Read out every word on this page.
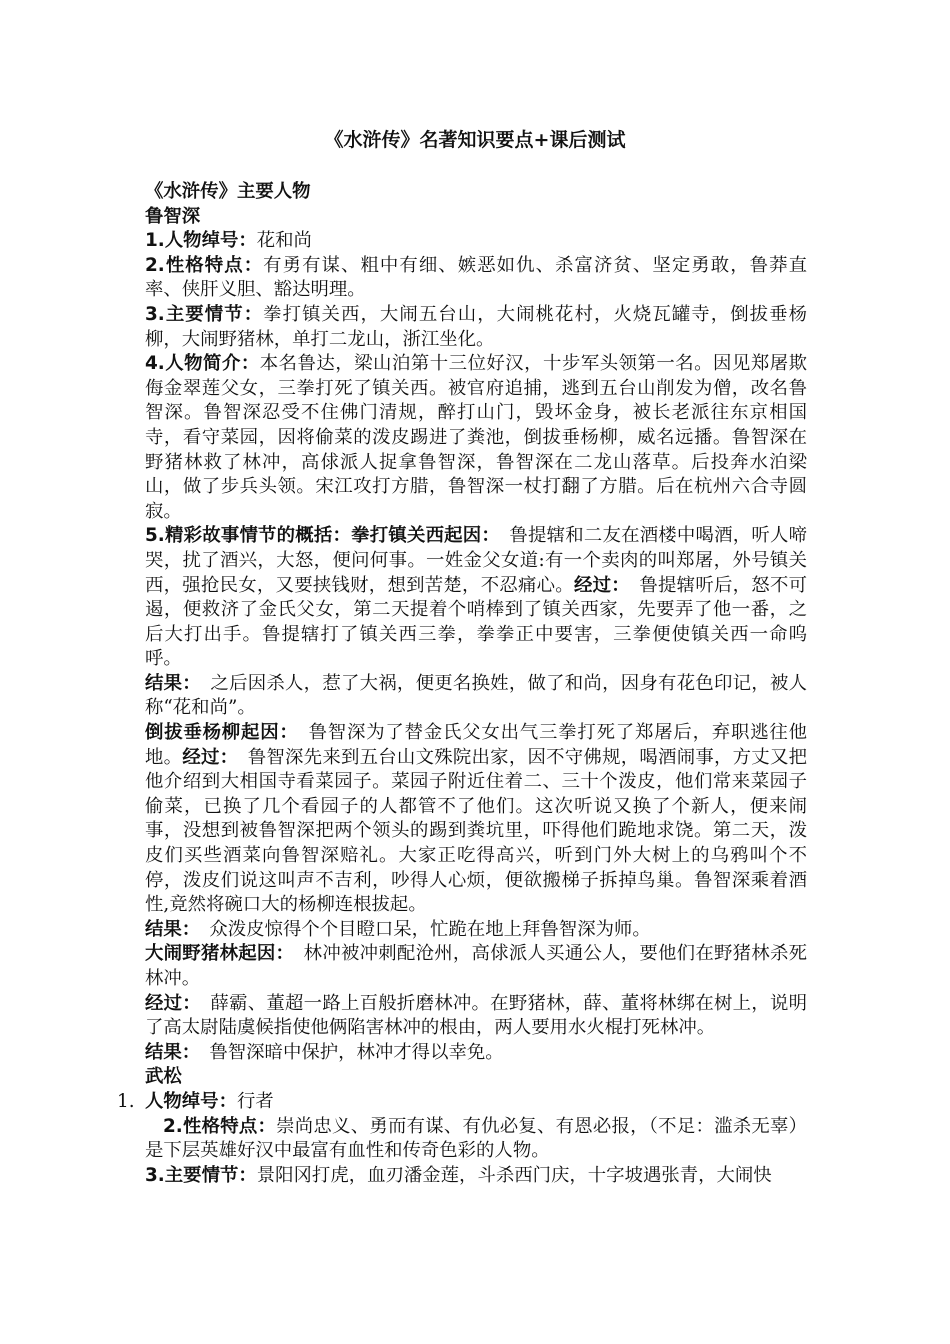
《水浒传》名著知识要点+课后测试

《水浒传》主要人物

鲁智深

1.人物绰号：花和尚

2.性格特点：有勇有谋、粗中有细、嫉恶如仇、杀富济贫、坚定勇敢，鲁莽直率、侠肝义胆、豁达明理。

3.主要情节：拳打镇关西，大闹五台山，大闹桃花村，火烧瓦罐寺，倒拔垂杨柳，大闹野猪林，单打二龙山，浙江坐化。

4.人物简介：本名鲁达，梁山泊第十三位好汉，十步军头领第一名。因见郑屠欺侮金翠莲父女，三拳打死了镇关西。被官府追捕，逃到五台山削发为僧，改名鲁智深。鲁智深忍受不住佛门清规，醉打山门，毁坏金身，被长老派往东京相国寺，看守菜园，因将偷菜的泼皮踢进了粪池，倒拔垂杨柳，威名远播。鲁智深在野猪林救了林冲，高俅派人捉拿鲁智深，鲁智深在二龙山落草。后投奔水泊梁山，做了步兵头领。宋江攻打方腊，鲁智深一杖打翻了方腊。后在杭州六合寺圆寂。

5.精彩故事情节的概括：拳打镇关西起因：　鲁提辖和二友在酒楼中喝酒，听人啼哭，扰了酒兴，大怒，便问何事。一姓金父女道:有一个卖肉的叫郑屠，外号镇关西，强抢民女，又要挟钱财，想到苦楚，不忍痛心。经过：　鲁提辖听后，怒不可遏，便救济了金氏父女，第二天提着个哨棒到了镇关西家，先要弄了他一番，之后大打出手。鲁提辖打了镇关西三拳，拳拳正中要害，三拳便使镇关西一命呜呼。

结果：　之后因杀人，惹了大祸，便更名换姓，做了和尚，因身有花色印记，被人称“花和尚”。

倒拔垂杨柳起因：　鲁智深为了替金氏父女出气三拳打死了郑屠后，弃职逃往他地。经过：　鲁智深先来到五台山文殊院出家，因不守佛规，喝酒闹事，方丈又把他介绍到大相国寺看菜园子。菜园子附近住着二、三十个泼皮，他们常来菜园子偷菜，已换了几个看园子的人都管不了他们。这次听说又换了个新人，便来闹事，没想到被鲁智深把两个领头的踢到粪坑里，吓得他们跪地求饶。第二天，泼皮们买些酒菜向鲁智深赔礼。大家正吃得高兴，听到门外大树上的乌鸦叫个不停，泼皮们说这叫声不吉利，吵得人心烦，便欲搬梯子拆掉鸟巢。鲁智深乘着酒性,竟然将碗口大的杨柳连根拔起。

结果：　众泼皮惊得个个目瞪口呆，忙跪在地上拜鲁智深为师。

大闹野猪林起因：　林冲被冲刺配沧州，高俅派人买通公人，要他们在野猪林杀死林冲。

经过：　薛霸、董超一路上百般折磨林冲。在野猪林，薛、董将林绑在树上，说明了高太尉陆虞候指使他俩陷害林冲的根由，两人要用水火棍打死林冲。

结果：　鲁智深暗中保护，林冲才得以幸免。

武松

1. 人物绰号：行者

2.性格特点：崇尚忠义、勇而有谋、有仇必复、有恩必报，（不足：滥杀无辜）是下层英雄好汉中最富有血性和传奇色彩的人物。

3.主要情节：景阳冈打虎，血刃潘金莲，斗杀西门庆，十字坡遇张青，大闹快
